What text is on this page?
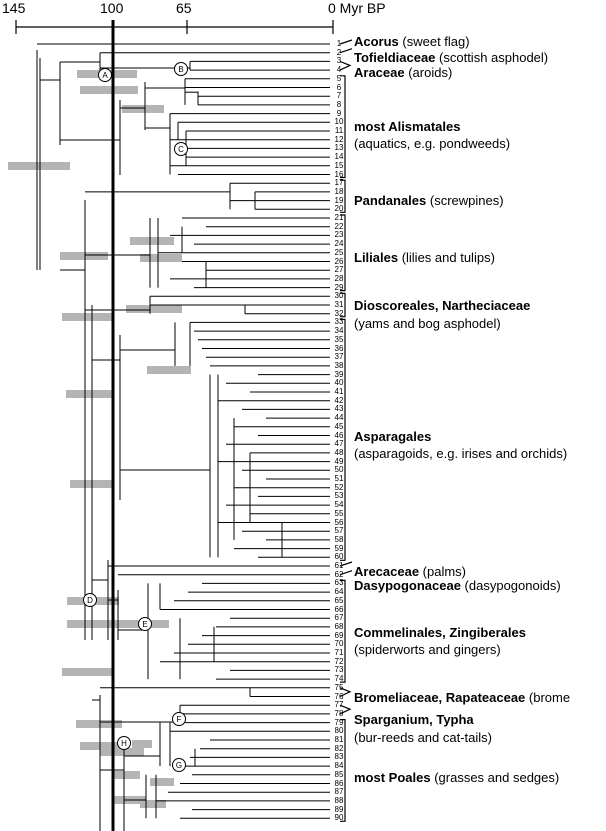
145	100	65	0 Myr BP
1
2
3
4
5
6
7
8
9
10
11
12
13
14
15
16
17
18
19
20
21
22
23
24
25
26
27
28
29
30
31
32
33
34
35
36
37
38
39
40
41
42
43
44
45
46
47
48
49
50
51
52
53
54
55
56
57
58
59
60
61
62
63
64
65
66
67
68
69
70
71
72
73
74
75
76
77
78
79
80
81
82
83
84
85
86
87
88
89
90
Acorus (sweet flag)
Tofieldiaceae (scottish asphodel)
Araceae (aroids)
most Alismatales
(aquatics, e.g. pondweeds)
Pandanales (screwpines)
Liliales (lilies and tulips)
Dioscoreales, Nartheciaceae
(yams and bog asphodel)
Asparagales
(asparagoids, e.g. irises and orchids)
Arecaceae (palms)
Dasypogonaceae (dasypogonoids)
Commelinales, Zingiberales
(spiderworts and gingers)
Bromeliaceae, Rapateaceae (brome
Sparganium, Typha
(bur-reeds and cat-tails)
most Poales (grasses and sedges)
A
B
C
D
E
F
G
H
